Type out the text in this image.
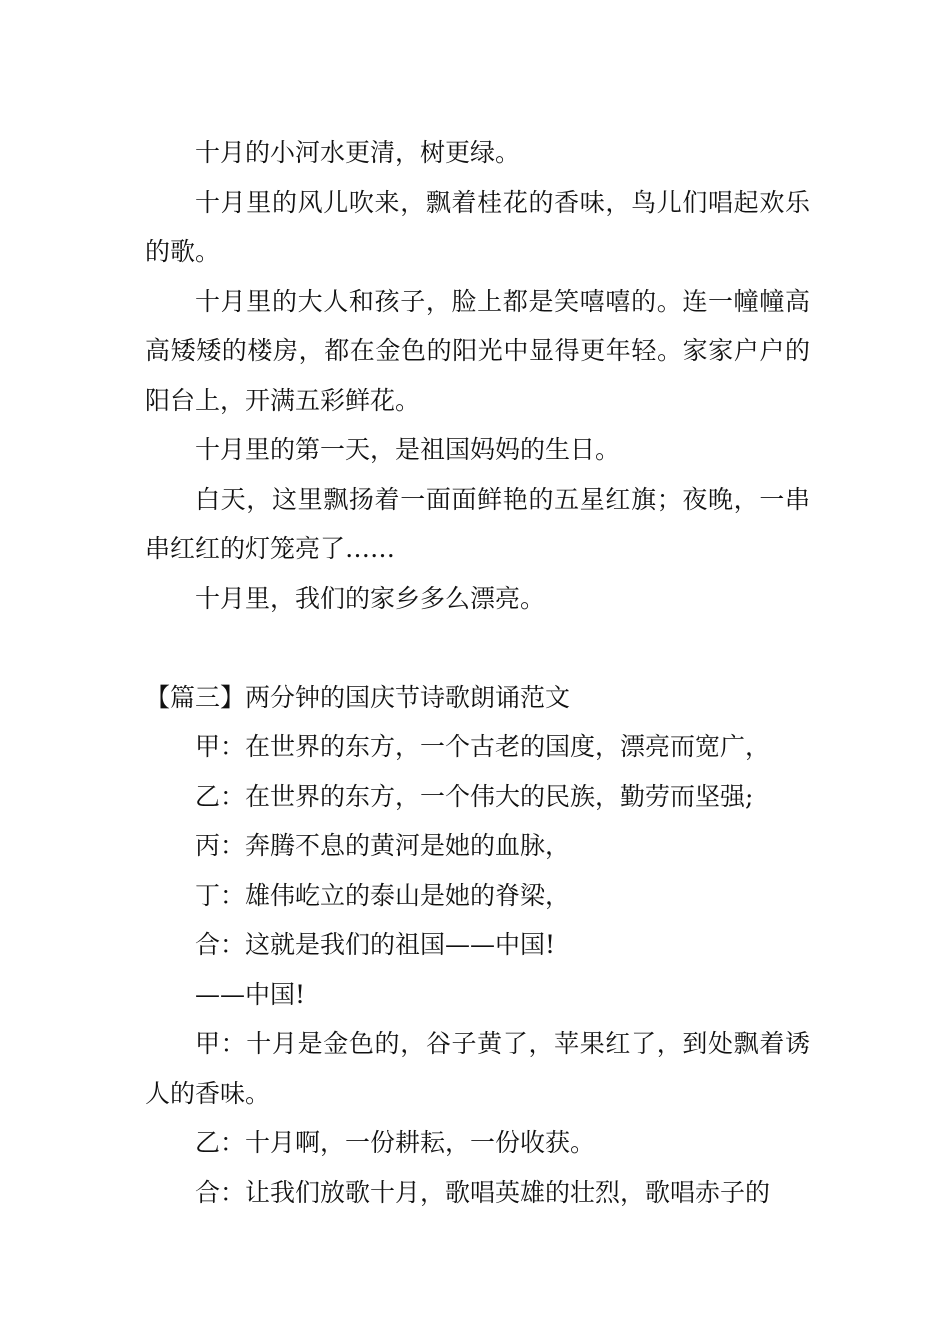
十月的小河水更清，树更绿。

十月里的风儿吹来，飘着桂花的香味，鸟儿们唱起欢乐的歌。

十月里的大人和孩子，脸上都是笑嘻嘻的。连一幢幢高高矮矮的楼房，都在金色的阳光中显得更年轻。家家户户的阳台上，开满五彩鲜花。

十月里的第一天，是祖国妈妈的生日。

白天，这里飘扬着一面面鲜艳的五星红旗；夜晚，一串串红红的灯笼亮了……

十月里，我们的家乡多么漂亮。

【篇三】两分钟的国庆节诗歌朗诵范文

甲：在世界的东方，一个古老的国度，漂亮而宽广，

乙：在世界的东方，一个伟大的民族，勤劳而坚强;

丙：奔腾不息的黄河是她的血脉，

丁：雄伟屹立的泰山是她的脊梁，

合：这就是我们的祖国——中国!

——中国!

甲：十月是金色的，谷子黄了，苹果红了，到处飘着诱人的香味。

乙：十月啊，一份耕耘，一份收获。

合：让我们放歌十月，歌唱英雄的壮烈，歌唱赤子的
